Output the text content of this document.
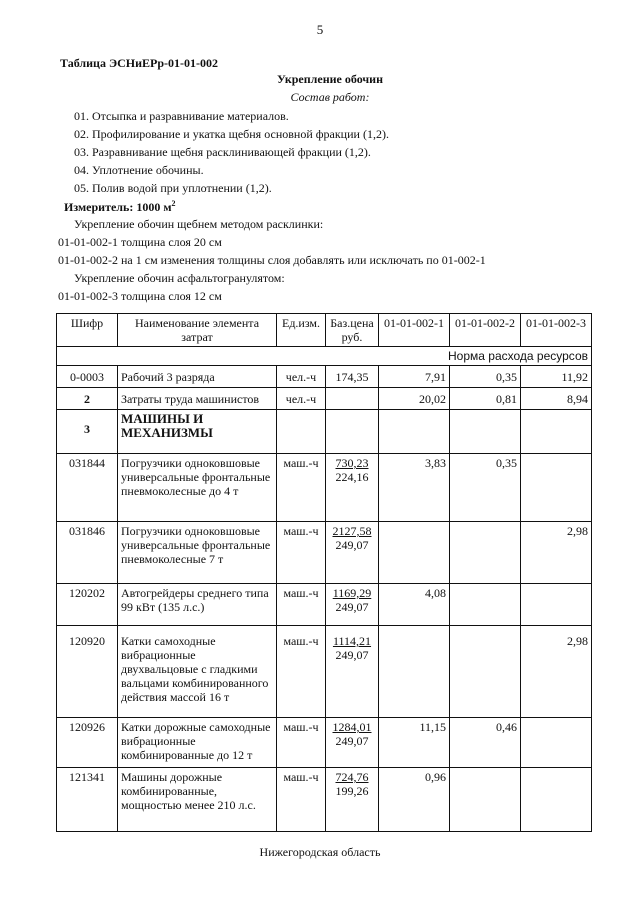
5
Таблица ЭСНиЕРр-01-01-002
Укрепление обочин
Состав работ:
01. Отсыпка и разравнивание материалов.
02. Профилирование и укатка щебня основной фракции (1,2).
03. Разравнивание щебня расклинивающей фракции (1,2).
04. Уплотнение обочины.
05. Полив водой при уплотнении (1,2).
Измеритель: 1000 $м^2$
Укрепление обочин щебнем методом расклинки:
01-01-002-1 толщина слоя 20 см
01-01-002-2 на 1 см изменения толщины слоя добавлять или исключать по 01-002-1
Укрепление обочин асфальтогранулятом:
01-01-002-3 толщина слоя 12 см
Шифр	Наименование элемента затрат	Ед.изм.	Баз.цена руб.	01-01-002-1	01-01-002-2	01-01-002-3
Норма расхода ресурсов						
0-0003	Рабочий 3 разряда	чел.-ч	174,35	7,91	0,35	11,92
2	Затраты труда машинистов	чел.-ч		20,02	0,81	8,94
3	МАШИНЫ И МЕХАНИЗМЫ					
031844	Погрузчики одноковшовые универсальные фронтальные пневмоколесные до 4 т	маш.-ч	730,23
224,16	3,83	0,35	
031846	Погрузчики одноковшовые универсальные фронтальные пневмоколесные 7 т	маш.-ч	2127,58
249,07			2,98
120202	Автогрейдеры среднего типа 99 кВт (135 л.с.)	маш.-ч	1169,29
249,07	4,08		
120920	Катки самоходные вибрационные двухвальцовые с гладкими вальцами комбинированного действия массой 16 т	маш.-ч	1114,21
249,07			2,98
120926	Катки дорожные самоходные вибрационные комбинированные до 12 т	маш.-ч	1284,01
249,07	11,15	0,46	
121341	Машины дорожные комбинированные, мощностью менее 210 л.с.	маш.-ч	724,76
199,26	0,96		
Нижегородская область
